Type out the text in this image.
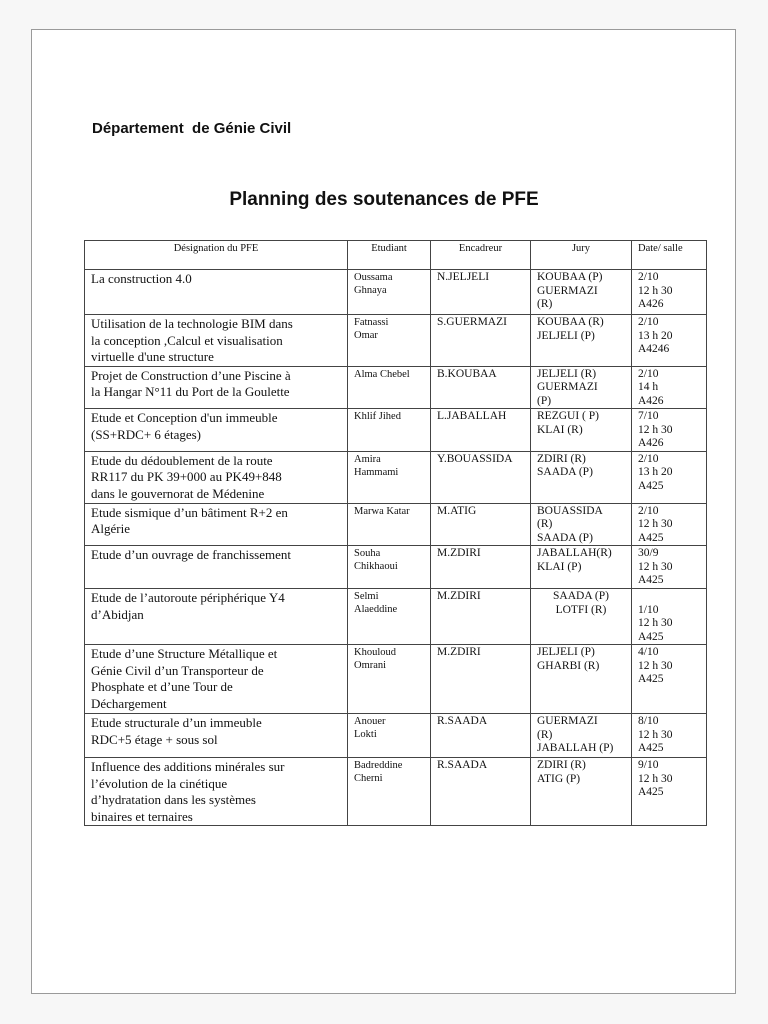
Département  de Génie Civil
Planning des soutenances de PFE
Désignation du PFE	Etudiant	Encadreur	Jury	Date/ salle

La construction 4.0	Oussama
Ghnaya	N.JELJELI	KOUBAA (P)
GUERMAZI
(R)	2/10
12 h 30
A426

Utilisation de la technologie BIM dans
la conception ,Calcul et visualisation
virtuelle d'une structure	Fatnassi
Omar	S.GUERMAZI	KOUBAA (R)
JELJELI (P)	2/10
13 h 20
A4246

Projet de Construction d’une Piscine à
la Hangar N°11 du Port de la Goulette	Alma Chebel	B.KOUBAA	JELJELI (R)
GUERMAZI
(P)	2/10
14 h
A426

Etude et Conception d'un immeuble
(SS+RDC+ 6 étages)	Khlif Jihed	L.JABALLAH	REZGUI ( P)
KLAI (R)	7/10
12 h 30
A426

Etude du dédoublement de la route
RR117 du PK 39+000 au PK49+848
dans le gouvernorat de Médenine	Amira
Hammami	Y.BOUASSIDA	ZDIRI (R)
SAADA (P)	2/10
13 h 20
A425

Etude sismique d’un bâtiment R+2 en
Algérie	Marwa Katar	M.ATIG	BOUASSIDA
(R)
SAADA (P)	2/10
12 h 30
A425

Etude d’un ouvrage de franchissement	Souha
Chikhaoui	M.ZDIRI	JABALLAH(R)
KLAI (P)	30/9
12 h 30
A425

Etude de l’autoroute périphérique Y4
d’Abidjan	Selmi
Alaeddine	M.ZDIRI	SAADA (P)
LOTFI (R)	1/10
12 h 30
A425

Etude d’une Structure Métallique et
Génie Civil d’un Transporteur de
Phosphate et d’une Tour de
Déchargement	Khouloud
Omrani	M.ZDIRI	JELJELI (P)
GHARBI (R)	4/10
12 h 30
A425

Etude structurale d’un immeuble
RDC+5 étage + sous sol	Anouer
Lokti	R.SAADA	GUERMAZI
(R)
JABALLAH (P)	8/10
12 h 30
A425

Influence des additions minérales sur
l’évolution de la cinétique
d’hydratation dans les systèmes
binaires et ternaires	Badreddine
Cherni	R.SAADA	ZDIRI (R)
ATIG (P)	9/10
12 h 30
A425
